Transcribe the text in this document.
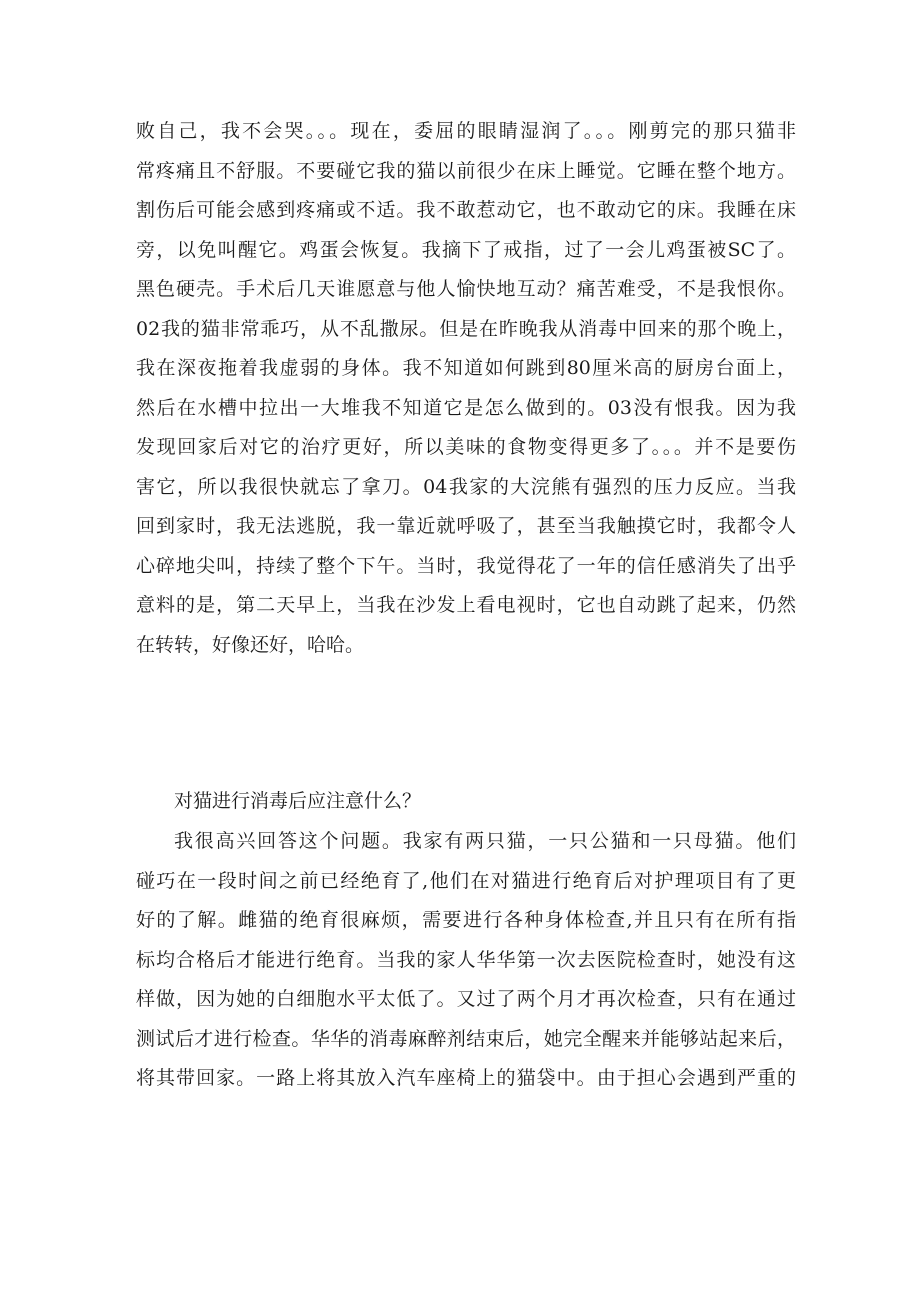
败自己，我不会哭。。。现在，委屈的眼睛湿润了。。。刚剪完的那只猫非
常疼痛且不舒服。不要碰它我的猫以前很少在床上睡觉。它睡在整个地方。
割伤后可能会感到疼痛或不适。我不敢惹动它，也不敢动它的床。我睡在床
旁，以免叫醒它。鸡蛋会恢复。我摘下了戒指，过了一会儿鸡蛋被SC了。
黑色硬壳。手术后几天谁愿意与他人愉快地互动？痛苦难受，不是我恨你。
02我的猫非常乖巧，从不乱撒尿。但是在昨晚我从消毒中回来的那个晚上，
我在深夜拖着我虚弱的身体。我不知道如何跳到80厘米高的厨房台面上，
然后在水槽中拉出一大堆我不知道它是怎么做到的。03没有恨我。因为我
发现回家后对它的治疗更好，所以美味的食物变得更多了。。。并不是要伤
害它，所以我很快就忘了拿刀。04我家的大浣熊有强烈的压力反应。当我
回到家时，我无法逃脱，我一靠近就呼吸了，甚至当我触摸它时，我都令人
心碎地尖叫，持续了整个下午。当时，我觉得花了一年的信任感消失了出乎
意料的是，第二天早上，当我在沙发上看电视时，它也自动跳了起来，仍然
在转转，好像还好，哈哈。
对猫进行消毒后应注意什么？
我很高兴回答这个问题。我家有两只猫，一只公猫和一只母猫。他们
碰巧在一段时间之前已经绝育了,他们在对猫进行绝育后对护理项目有了更
好的了解。雌猫的绝育很麻烦，需要进行各种身体检查,并且只有在所有指
标均合格后才能进行绝育。当我的家人华华第一次去医院检查时，她没有这
样做，因为她的白细胞水平太低了。又过了两个月才再次检查，只有在通过
测试后才进行检查。华华的消毒麻醉剂结束后，她完全醒来并能够站起来后，
将其带回家。一路上将其放入汽车座椅上的猫袋中。由于担心会遇到严重的
